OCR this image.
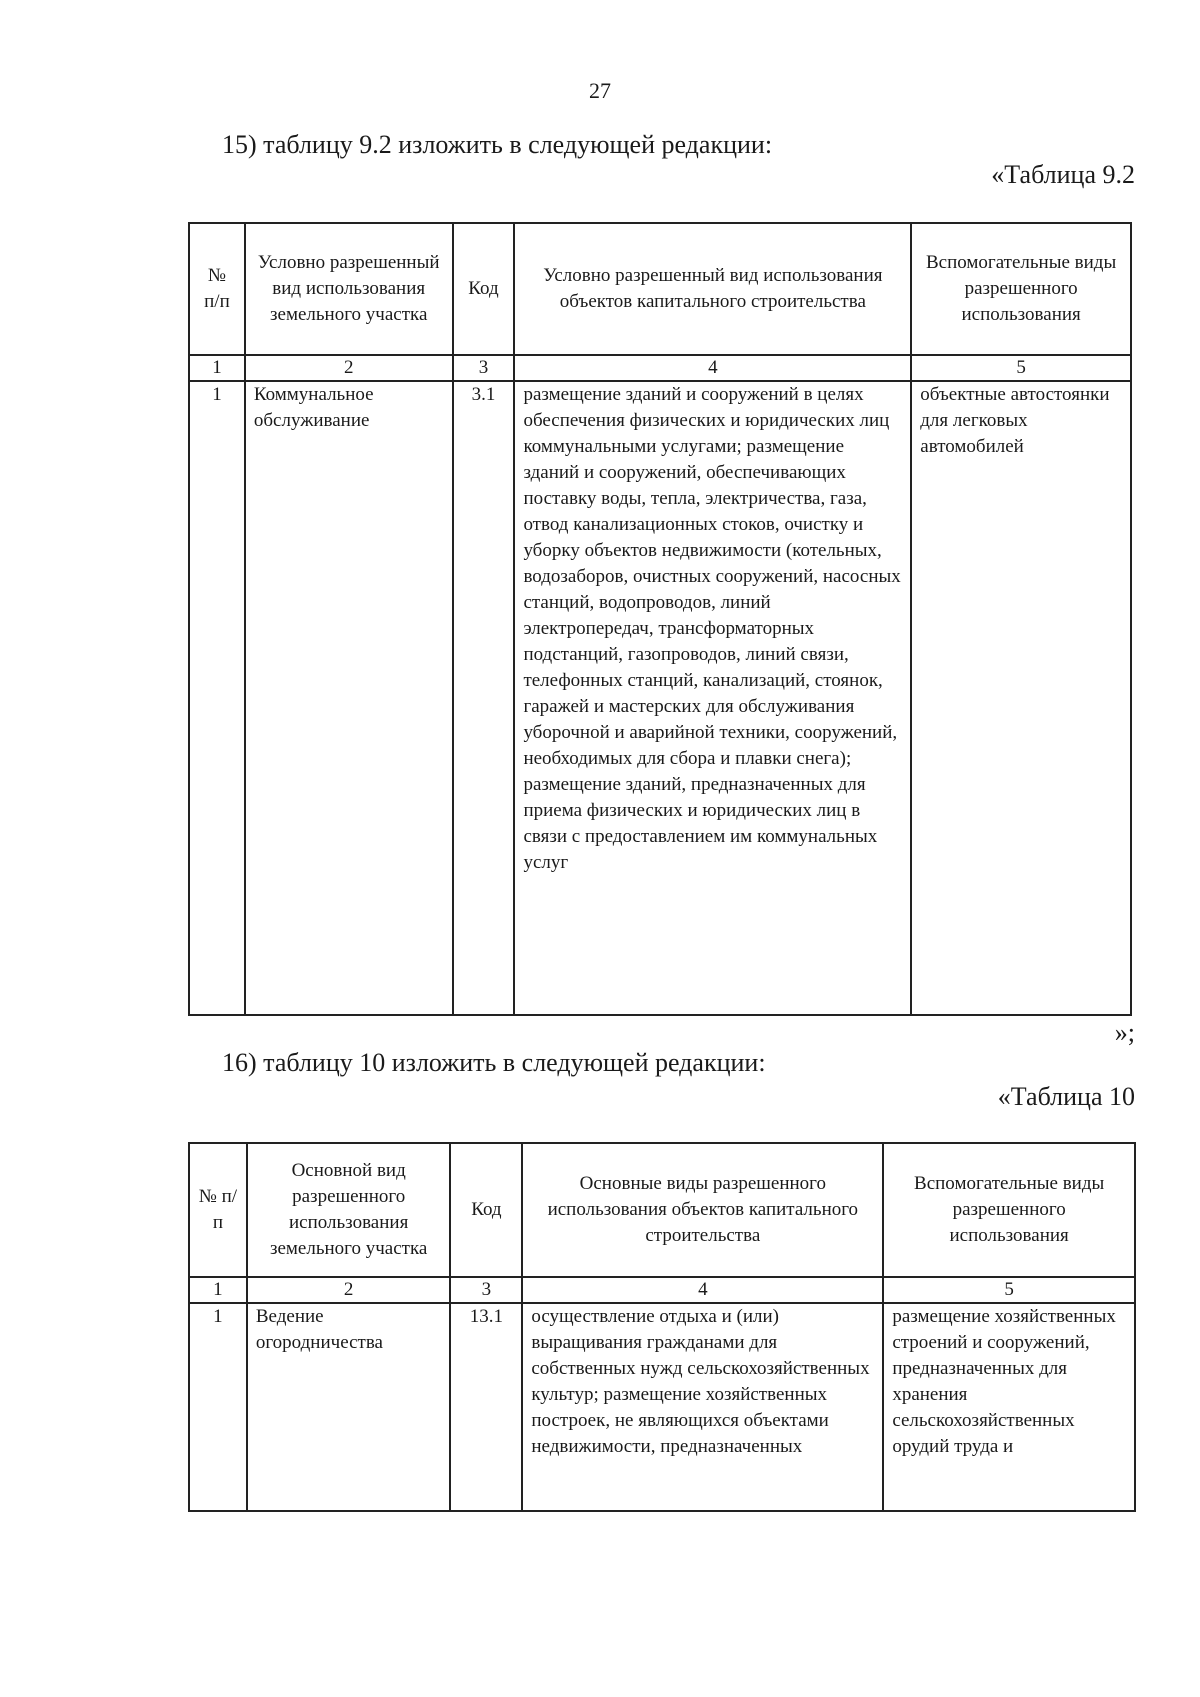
27
15) таблицу 9.2 изложить в следующей редакции:
«Таблица 9.2
№ п/п	Условно разрешенный вид использования земельного участка	Код	Условно разрешенный вид использования объектов капитального строительства	Вспомогательные виды разрешенного использования
1	2	3	4	5
1	Коммунальное обслуживание	3.1	размещение зданий и сооружений в целях обеспечения физических и юридических лиц коммунальными услугами; размещение зданий и сооружений, обеспечивающих поставку воды, тепла, электричества, газа, отвод канализационных стоков, очистку и уборку объектов недвижимости (котельных, водозаборов, очистных сооружений, насосных станций, водопроводов, линий электропередач, трансформаторных подстанций, газопроводов, линий связи, телефонных станций, канализаций, стоянок, гаражей и мастерских для обслуживания уборочной и аварийной техники, сооружений, необходимых для сбора и плавки снега); размещение зданий, предназначенных для приема физических и юридических лиц в связи с предоставлением им коммунальных услуг	объектные автостоянки для легковых автомобилей
»;
16) таблицу 10 изложить в следующей редакции:
«Таблица 10
№ п/п	Основной вид разрешенного использования земельного участка	Код	Основные виды разрешенного использования объектов капитального строительства	Вспомогательные виды разрешенного использования
1	2	3	4	5
1	Ведение огородничества	13.1	осуществление отдыха и (или) выращивания гражданами для собственных нужд сельскохозяйственных культур; размещение хозяйственных построек, не являющихся объектами недвижимости, предназначенных	размещение хозяйственных строений и сооружений, предназначенных для хранения сельскохозяйственных орудий труда и
